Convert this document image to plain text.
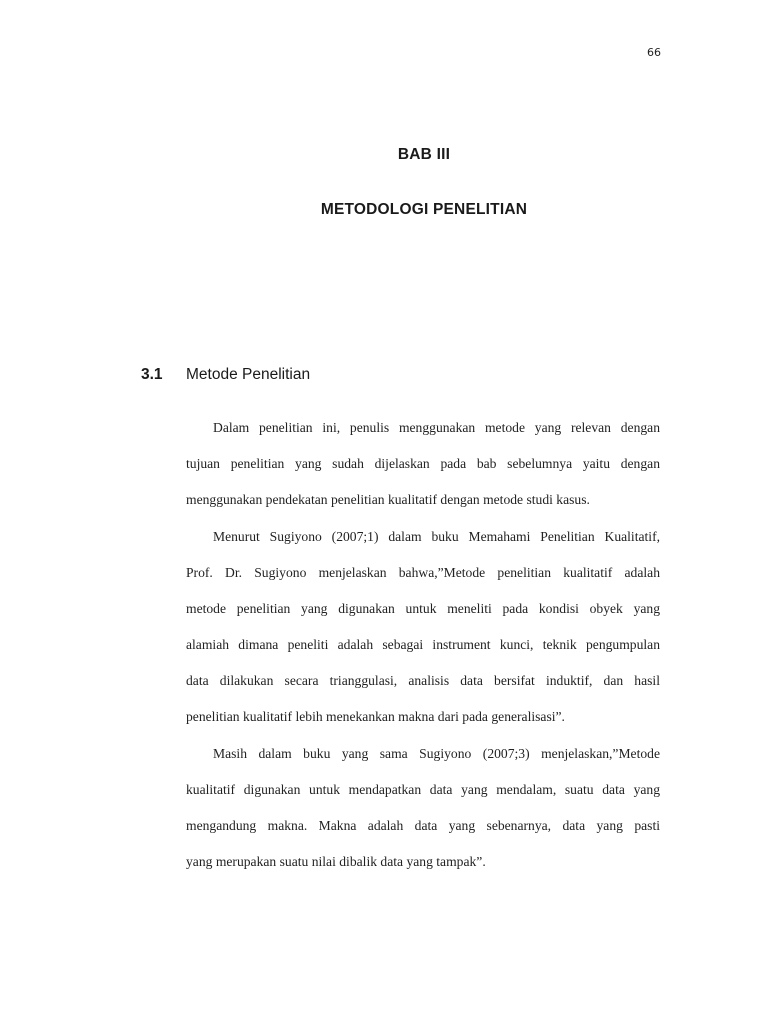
66
BAB III
METODOLOGI PENELITIAN
3.1	Metode Penelitian
Dalam penelitian ini, penulis menggunakan metode yang relevan dengan
tujuan penelitian yang sudah dijelaskan pada bab sebelumnya yaitu dengan
menggunakan pendekatan penelitian kualitatif dengan metode studi kasus.
Menurut Sugiyono (2007;1) dalam buku Memahami Penelitian Kualitatif,
Prof. Dr. Sugiyono menjelaskan bahwa,”Metode penelitian kualitatif adalah
metode penelitian yang digunakan untuk meneliti pada kondisi obyek yang
alamiah dimana peneliti adalah sebagai instrument kunci, teknik pengumpulan
data dilakukan secara trianggulasi, analisis data bersifat induktif, dan hasil
penelitian kualitatif lebih menekankan makna dari pada generalisasi”.
Masih dalam buku yang sama Sugiyono (2007;3) menjelaskan,”Metode
kualitatif digunakan untuk mendapatkan data yang mendalam, suatu data yang
mengandung makna. Makna adalah data yang sebenarnya, data yang pasti
yang merupakan suatu nilai dibalik data yang tampak”.
